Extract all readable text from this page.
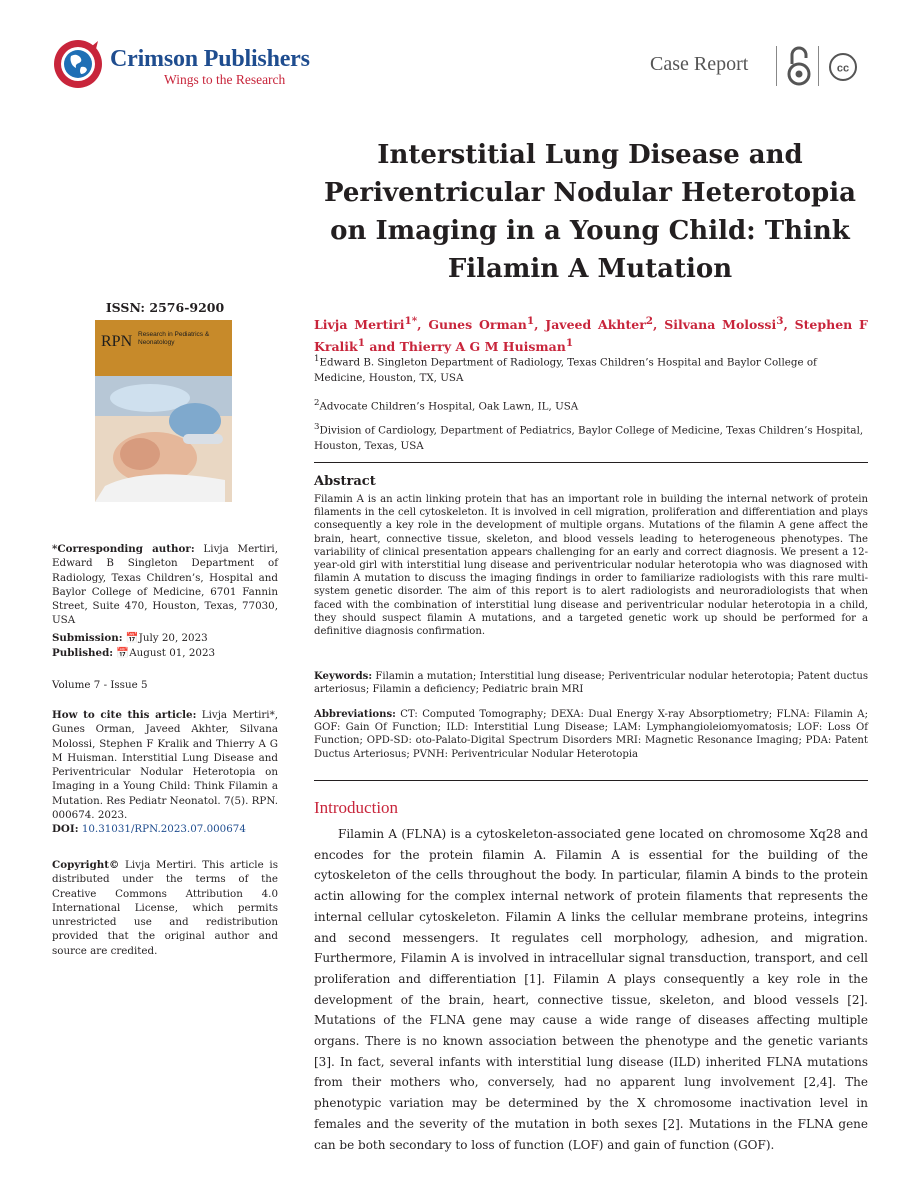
Crimson Publishers
Wings to the Research
Case Report	cc
Interstitial Lung Disease and
Periventricular Nodular Heterotopia
on Imaging in a Young Child: Think
Filamin A Mutation
ISSN: 2576-9200
RPN Research in Pediatrics & Neonatology
*Corresponding author: Livja Mertiri, Edward B Singleton Department of Radiology, Texas Children’s, Hospital and Baylor College of Medicine, 6701 Fannin Street, Suite 470, Houston, Texas, 77030, USA
Submission: 📅July 20, 2023
Published: 📅August 01, 2023
Volume 7 - Issue 5
How to cite this article: Livja Mertiri*, Gunes Orman, Javeed Akhter, Silvana Molossi, Stephen F Kralik and Thierry A G M Huisman. Interstitial Lung Disease and Periventricular Nodular Heterotopia on Imaging in a Young Child: Think Filamin a Mutation. Res Pediatr Neonatol. 7(5). RPN. 000674. 2023.
DOI: 10.31031/RPN.2023.07.000674
Copyright© Livja Mertiri. This article is distributed under the terms of the Creative Commons Attribution 4.0 International License, which permits unrestricted use and redistribution provided that the original author and source are credited.
Livja Mertiri$^{1*}$, Gunes Orman$^1$, Javeed Akhter$^2$, Silvana Molossi$^3$, Stephen F Kralik$^1$ and Thierry A G M Huisman$^1$
$^1$Edward B. Singleton Department of Radiology, Texas Children’s Hospital and Baylor College of Medicine, Houston, TX, USA
$^2$Advocate Children’s Hospital, Oak Lawn, IL, USA
$^3$Division of Cardiology, Department of Pediatrics, Baylor College of Medicine, Texas Children’s Hospital, Houston, Texas, USA
Abstract
Filamin A is an actin linking protein that has an important role in building the internal network of protein filaments in the cell cytoskeleton. It is involved in cell migration, proliferation and differentiation and plays consequently a key role in the development of multiple organs. Mutations of the filamin A gene affect the brain, heart, connective tissue, skeleton, and blood vessels leading to heterogeneous phenotypes. The variability of clinical presentation appears challenging for an early and correct diagnosis. We present a 12-year-old girl with interstitial lung disease and periventricular nodular heterotopia who was diagnosed with filamin A mutation to discuss the imaging findings in order to familiarize radiologists with this rare multi-system genetic disorder. The aim of this report is to alert radiologists and neuroradiologists that when faced with the combination of interstitial lung disease and periventricular nodular heterotopia in a child, they should suspect filamin A mutations, and a targeted genetic work up should be performed for a definitive diagnosis confirmation.
Keywords: Filamin a mutation; Interstitial lung disease; Periventricular nodular heterotopia; Patent ductus arteriosus; Filamin a deficiency; Pediatric brain MRI
Abbreviations: CT: Computed Tomography; DEXA: Dual Energy X-ray Absorptiometry; FLNA: Filamin A; GOF: Gain Of Function; ILD: Interstitial Lung Disease; LAM: Lymphangioleiomyomatosis; LOF: Loss Of Function; OPD-SD: oto-Palato-Digital Spectrum Disorders MRI: Magnetic Resonance Imaging; PDA: Patent Ductus Arteriosus; PVNH: Periventricular Nodular Heterotopia
Introduction
Filamin A (FLNA) is a cytoskeleton-associated gene located on chromosome Xq28 and encodes for the protein filamin A. Filamin A is essential for the building of the cytoskeleton of the cells throughout the body. In particular, filamin A binds to the protein actin allowing for the complex internal network of protein filaments that represents the internal cellular cytoskeleton. Filamin A links the cellular membrane proteins, integrins and second messengers. It regulates cell morphology, adhesion, and migration. Furthermore, Filamin A is involved in intracellular signal transduction, transport, and cell proliferation and differentiation [1]. Filamin A plays consequently a key role in the development of the brain, heart, connective tissue, skeleton, and blood vessels [2]. Mutations of the FLNA gene may cause a wide range of diseases affecting multiple organs. There is no known association between the phenotype and the genetic variants [3]. In fact, several infants with interstitial lung disease (ILD) inherited FLNA mutations from their mothers who, conversely, had no apparent lung involvement [2,4]. The phenotypic variation may be determined by the X chromosome inactivation level in females and the severity of the mutation in both sexes [2]. Mutations in the FLNA gene can be both secondary to loss of function (LOF) and gain of function (GOF).
